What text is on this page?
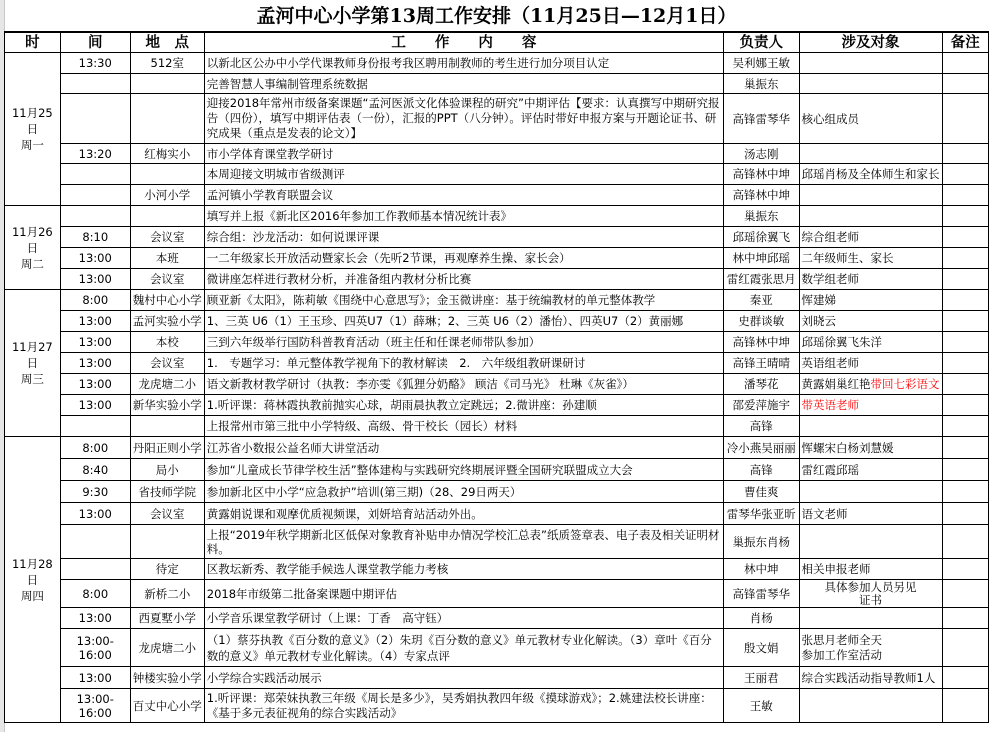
孟河中心小学第13周工作安排（11月25日—12月1日）
时	间	地　点	工　　作　　内　　容	负责人	涉及对象	备注

11月25日
周一	13:30	512室	以新北区公办中小学代课教师身份报考我区聘用制教师的考生进行加分项目认定	吴利娜王敏		
			完善智慧人事编制管理系统数据	巢振东		
			迎接2018年常州市级备案课题“孟河医派文化体验课程的研究”中期评估【要求：认真撰写中期研究报告（四份），填写中期评估表（一份），汇报的PPT（八分钟）。评估时带好申报方案与开题论证书、研究成果（重点是发表的论文）】	高锋雷琴华	核心组成员	
	13:20	红梅实小	市小学体育课堂教学研讨	汤志刚		
			本周迎接文明城市省级测评	高锋林中坤	邱瑶肖杨及全体师生和家长	
		小河小学	孟河镇小学教育联盟会议	高锋林中坤		

11月26日
周二			填写并上报《新北区2016年参加工作教师基本情况统计表》	巢振东		
	8:10	会议室	综合组：沙龙活动：如何说课评课	邱瑶徐翼飞	综合组老师	
	13:00	本班	一二年级家长开放活动暨家长会（先听2节课，再观摩养生操、家长会）	林中坤邱瑶	二年级师生、家长	
	13:00	会议室	微讲座怎样进行教材分析，并准备组内教材分析比赛	雷红霞张思月	数学组老师	

11月27日
周三	8:00	魏村中心小学	顾亚新《太阳》，陈莉敏《围绕中心意思写》；金玉微讲座：基于统编教材的单元整体教学	秦亚	恽建娣	
	13:00	孟河实验小学	1、三英 U6（1）王玉珍、四英U7（1）薛琳；2、三英 U6（2）潘怡）、四英U7（2）黄丽娜	史群谈敏	刘晓云	
	13:00	本校	三到六年级举行国防科普教育活动（班主任和任课老师带队参加）	高锋林中坤	邱瑶徐翼飞朱洋	
	13:00	会议室	1.　专题学习：单元整体教学视角下的教材解读　2.　六年级组教研课研讨	高锋王晴晴	英语组老师	
	13:00	龙虎塘二小	语文新教材教学研讨（执教：李亦雯《狐狸分奶酪》 顾洁《司马光》 杜琳《灰雀》）	潘琴花	黄露娟巢红艳带回七彩语文	
	13:00	新华实验小学	1.听评课：蒋林霞执教前抛实心球，胡雨晨执教立定跳远；2.微讲座：孙建顺	邵爱萍施宇	带英语老师	
			上报常州市第三批中小学特级、高级、骨干校长（园长）材料	高锋		

11月28日
周四	8:00	丹阳正则小学	江苏省小数报公益名师大讲堂活动	冷小燕吴丽丽	恽螺宋白杨刘慧媛	
	8:40	局小	参加“儿童成长节律学校生活”整体建构与实践研究终期展评暨全国研究联盟成立大会	高锋	雷红霞邱瑶	
	9:30	省技师学院	参加新北区中小学“应急救护”培训(第三期)（28、29日两天）	曹佳爽		
	13:00	会议室	黄露娟说课和观摩优质视频课，刘妍培育站活动外出。	雷琴华张亚昕	语文老师	
			上报“2019年秋学期新北区低保对象教育补贴申办情况学校汇总表”纸质签章表、电子表及相关证明材料。	巢振东肖杨		
		待定	区教坛新秀、教学能手候选人课堂教学能力考核	林中坤	相关申报老师	
	8:00	新桥二小	2018年市级第二批备案课题中期评估	高锋雷琴华	具体参加人员另见
证书	
	13:00	西夏墅小学	小学音乐课堂教学研讨（上课：丁香　高守钰）	肖杨		
	13:00-
16:00	龙虎塘二小	（1）蔡芬执教《百分数的意义》（2）朱玥《百分数的意义》单元教材专业化解读。（3）章叶《百分数的意义》单元教材专业化解读。（4）专家点评	殷文娟	张思月老师全天
参加工作室活动	
	13:00	钟楼实验小学	小学综合实践活动展示	王丽君	综合实践活动指导教师1人	
	13:00-
16:00	百丈中心小学	1.听评课：郑荣妹执教三年级《周长是多少》，吴秀娟执教四年级《摸球游戏》；2.姚建法校长讲座：《基于多元表征视角的综合实践活动》	王敏		
